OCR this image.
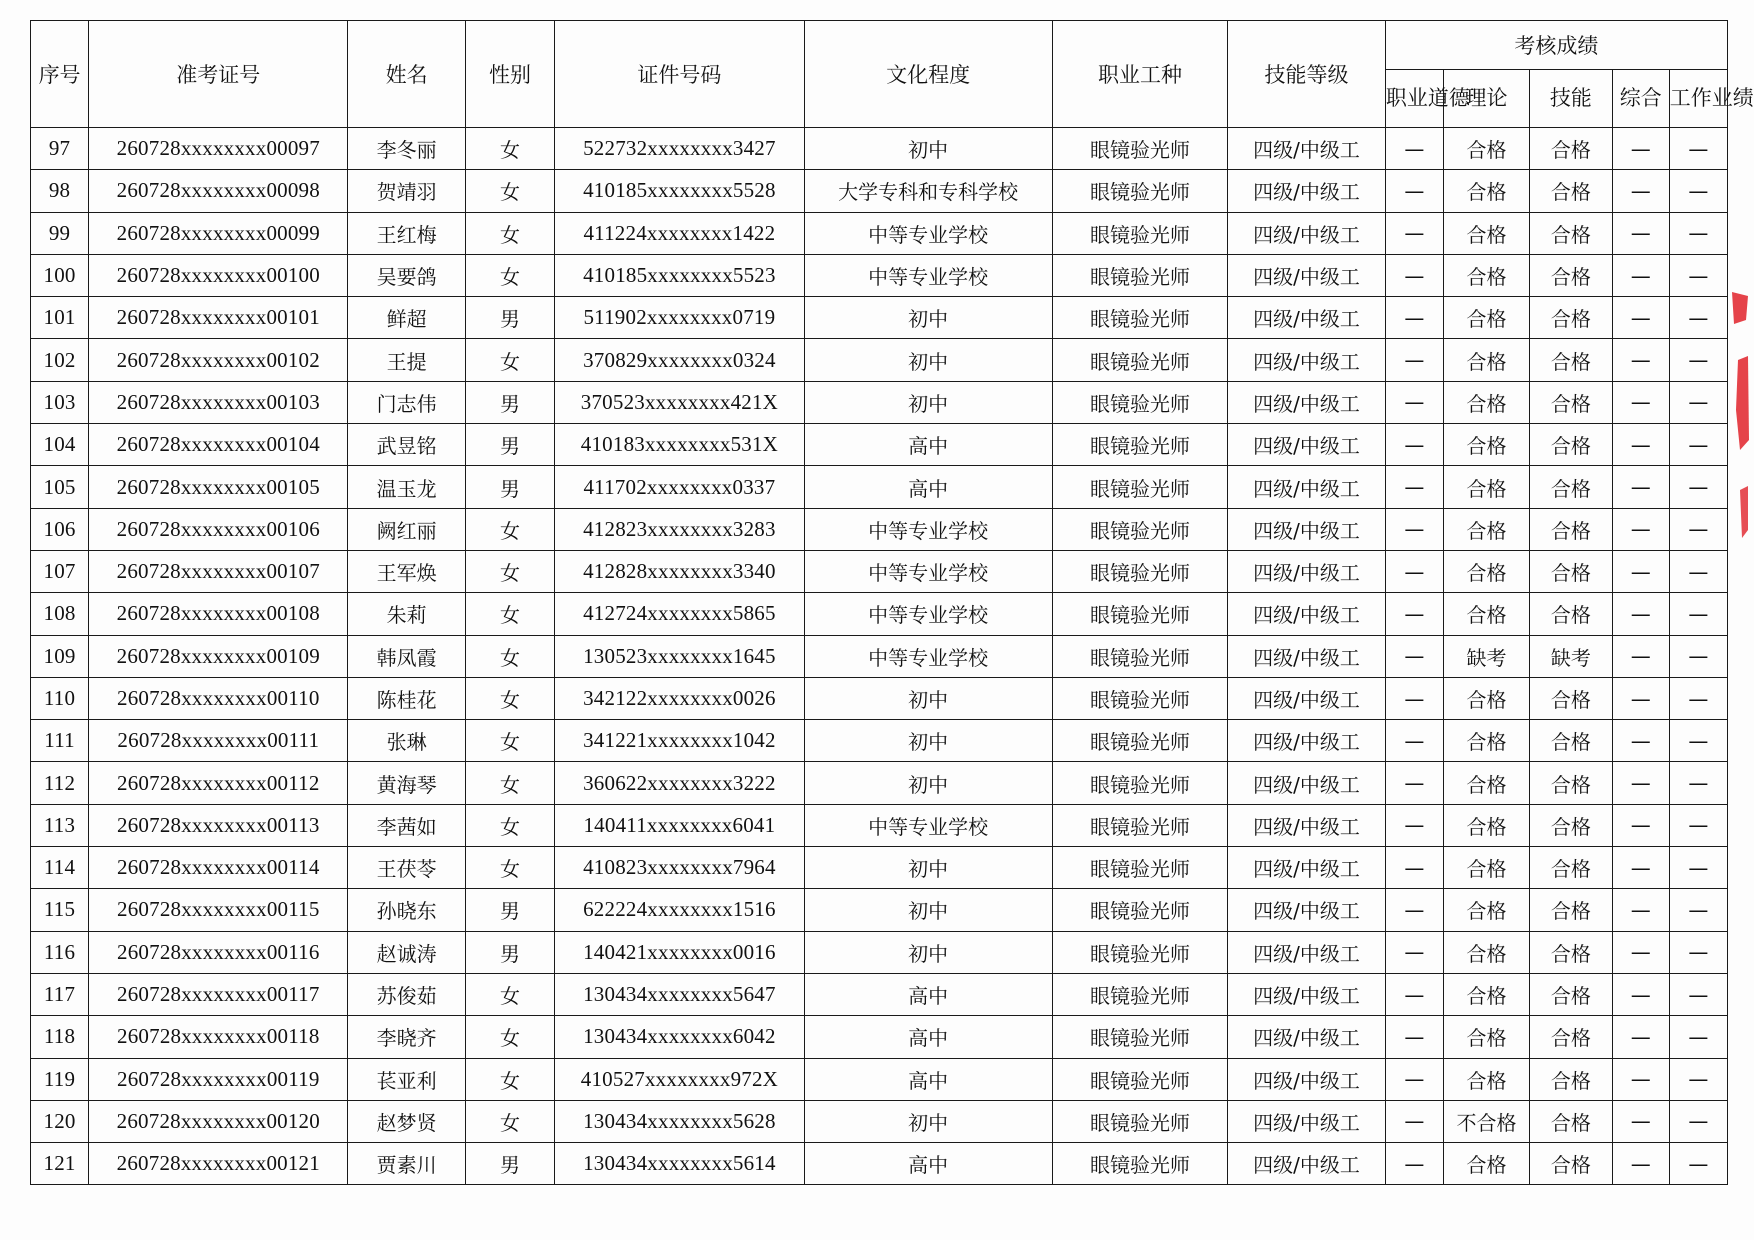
序号	准考证号	姓名	性别	证件号码	文化程度	职业工种	技能等级	考核成绩				
								职业道德	理论	技能	综合	工作业绩
97	260728xxxxxxxx00097	李冬丽	女	522732xxxxxxxx3427	初中	眼镜验光师	四级/中级工	—	合格	合格	—	—
98	260728xxxxxxxx00098	贺靖羽	女	410185xxxxxxxx5528	大学专科和专科学校	眼镜验光师	四级/中级工	—	合格	合格	—	—
99	260728xxxxxxxx00099	王红梅	女	411224xxxxxxxx1422	中等专业学校	眼镜验光师	四级/中级工	—	合格	合格	—	—
100	260728xxxxxxxx00100	吴要鸽	女	410185xxxxxxxx5523	中等专业学校	眼镜验光师	四级/中级工	—	合格	合格	—	—
101	260728xxxxxxxx00101	鲜超	男	511902xxxxxxxx0719	初中	眼镜验光师	四级/中级工	—	合格	合格	—	—
102	260728xxxxxxxx00102	王提	女	370829xxxxxxxx0324	初中	眼镜验光师	四级/中级工	—	合格	合格	—	—
103	260728xxxxxxxx00103	门志伟	男	370523xxxxxxxx421X	初中	眼镜验光师	四级/中级工	—	合格	合格	—	—
104	260728xxxxxxxx00104	武昱铭	男	410183xxxxxxxx531X	高中	眼镜验光师	四级/中级工	—	合格	合格	—	—
105	260728xxxxxxxx00105	温玉龙	男	411702xxxxxxxx0337	高中	眼镜验光师	四级/中级工	—	合格	合格	—	—
106	260728xxxxxxxx00106	阙红丽	女	412823xxxxxxxx3283	中等专业学校	眼镜验光师	四级/中级工	—	合格	合格	—	—
107	260728xxxxxxxx00107	王军焕	女	412828xxxxxxxx3340	中等专业学校	眼镜验光师	四级/中级工	—	合格	合格	—	—
108	260728xxxxxxxx00108	朱莉	女	412724xxxxxxxx5865	中等专业学校	眼镜验光师	四级/中级工	—	合格	合格	—	—
109	260728xxxxxxxx00109	韩凤霞	女	130523xxxxxxxx1645	中等专业学校	眼镜验光师	四级/中级工	—	缺考	缺考	—	—
110	260728xxxxxxxx00110	陈桂花	女	342122xxxxxxxx0026	初中	眼镜验光师	四级/中级工	—	合格	合格	—	—
111	260728xxxxxxxx00111	张琳	女	341221xxxxxxxx1042	初中	眼镜验光师	四级/中级工	—	合格	合格	—	—
112	260728xxxxxxxx00112	黄海琴	女	360622xxxxxxxx3222	初中	眼镜验光师	四级/中级工	—	合格	合格	—	—
113	260728xxxxxxxx00113	李茜如	女	140411xxxxxxxx6041	中等专业学校	眼镜验光师	四级/中级工	—	合格	合格	—	—
114	260728xxxxxxxx00114	王茯苓	女	410823xxxxxxxx7964	初中	眼镜验光师	四级/中级工	—	合格	合格	—	—
115	260728xxxxxxxx00115	孙晓东	男	622224xxxxxxxx1516	初中	眼镜验光师	四级/中级工	—	合格	合格	—	—
116	260728xxxxxxxx00116	赵诚涛	男	140421xxxxxxxx0016	初中	眼镜验光师	四级/中级工	—	合格	合格	—	—
117	260728xxxxxxxx00117	苏俊茹	女	130434xxxxxxxx5647	高中	眼镜验光师	四级/中级工	—	合格	合格	—	—
118	260728xxxxxxxx00118	李晓齐	女	130434xxxxxxxx6042	高中	眼镜验光师	四级/中级工	—	合格	合格	—	—
119	260728xxxxxxxx00119	苌亚利	女	410527xxxxxxxx972X	高中	眼镜验光师	四级/中级工	—	合格	合格	—	—
120	260728xxxxxxxx00120	赵梦贤	女	130434xxxxxxxx5628	初中	眼镜验光师	四级/中级工	—	不合格	合格	—	—
121	260728xxxxxxxx00121	贾素川	男	130434xxxxxxxx5614	高中	眼镜验光师	四级/中级工	—	合格	合格	—	—
